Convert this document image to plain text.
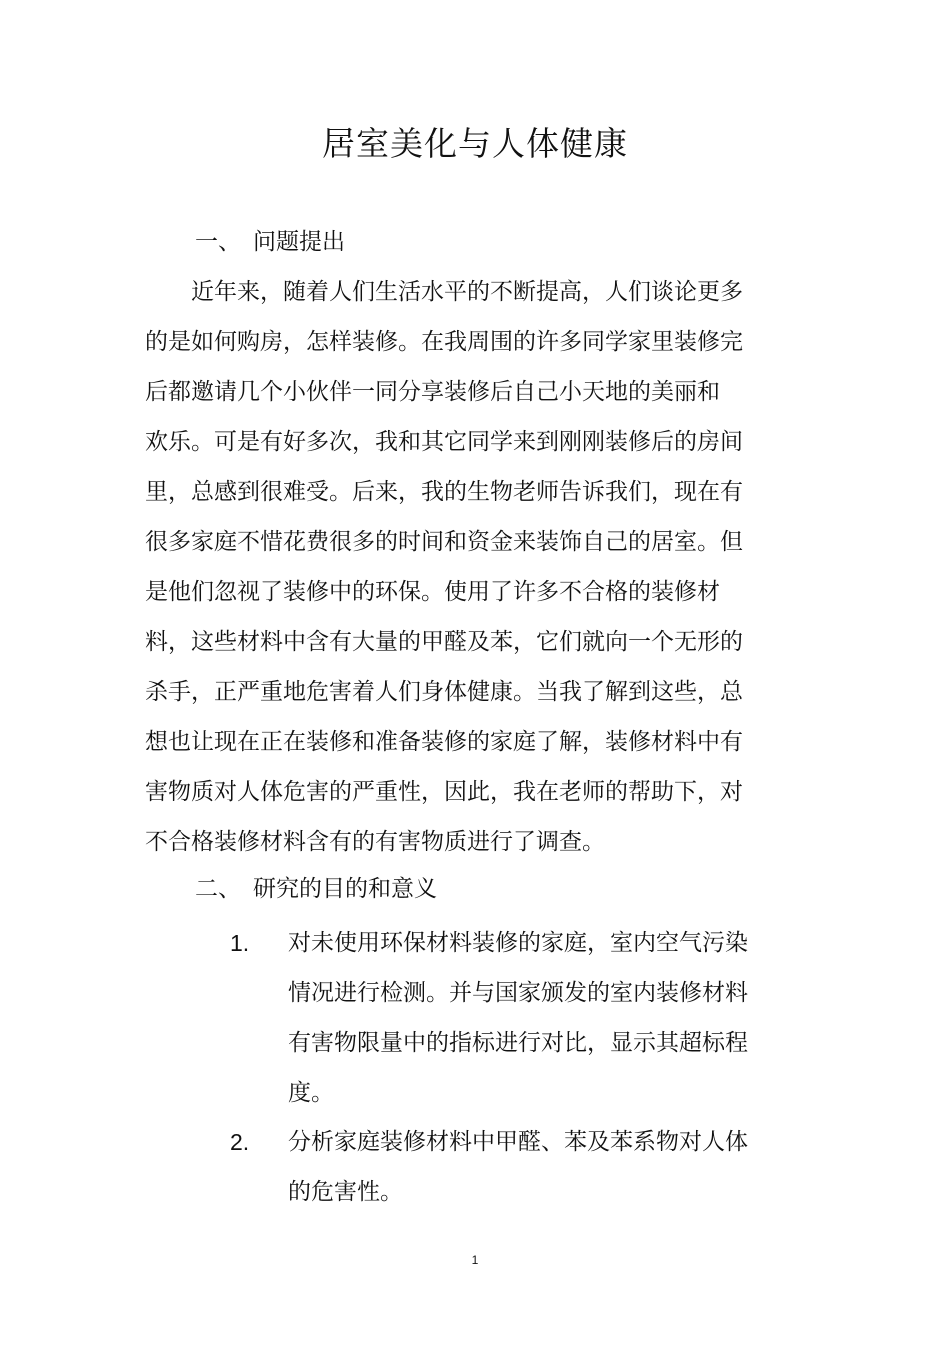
居室美化与人体健康
一、 问题提出
　　近年来，随着人们生活水平的不断提高，人们谈论更多
的是如何购房，怎样装修。在我周围的许多同学家里装修完
后都邀请几个小伙伴一同分享装修后自己小天地的美丽和
欢乐。可是有好多次，我和其它同学来到刚刚装修后的房间
里，总感到很难受。后来，我的生物老师告诉我们，现在有
很多家庭不惜花费很多的时间和资金来装饰自己的居室。但
是他们忽视了装修中的环保。使用了许多不合格的装修材
料，这些材料中含有大量的甲醛及苯，它们就向一个无形的
杀手，正严重地危害着人们身体健康。当我了解到这些，总
想也让现在正在装修和准备装修的家庭了解，装修材料中有
害物质对人体危害的严重性，因此，我在老师的帮助下，对
不合格装修材料含有的有害物质进行了调查。
二、 研究的目的和意义
1. 对未使用环保材料装修的家庭，室内空气污染
情况进行检测。并与国家颁发的室内装修材料
有害物限量中的指标进行对比，显示其超标程
度。
2. 分析家庭装修材料中甲醛、苯及苯系物对人体
的危害性。
1
